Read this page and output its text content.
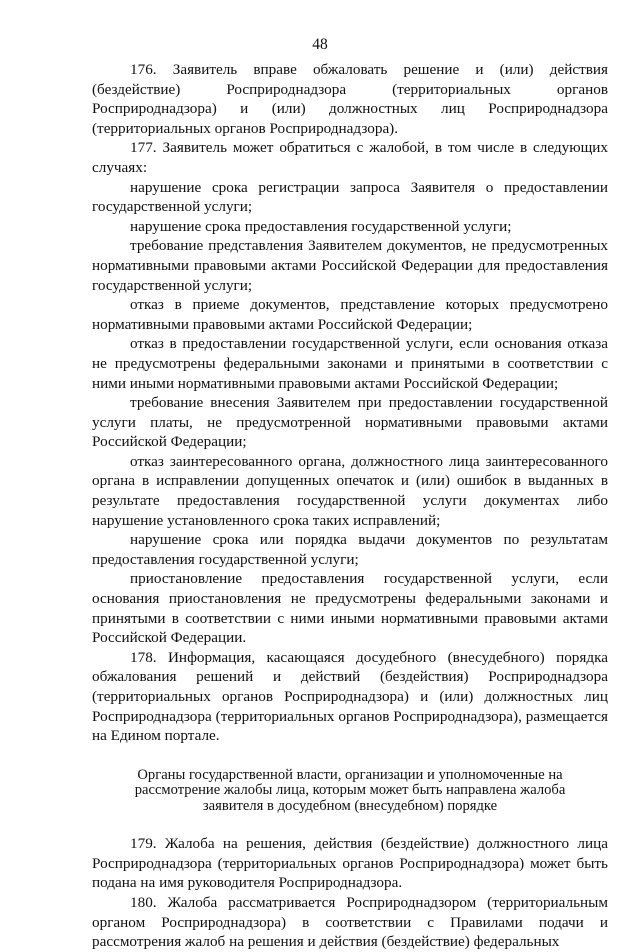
48

176. Заявитель вправе обжаловать решение и (или) действия (бездействие) Росприроднадзора (территориальных органов Росприроднадзора) и (или) должностных лиц Росприроднадзора (территориальных органов Росприроднадзора).

177. Заявитель может обратиться с жалобой, в том числе в следующих случаях:

нарушение срока регистрации запроса Заявителя о предоставлении государственной услуги;

нарушение срока предоставления государственной услуги;

требование представления Заявителем документов, не предусмотренных нормативными правовыми актами Российской Федерации для предоставления государственной услуги;

отказ в приеме документов, представление которых предусмотрено нормативными правовыми актами Российской Федерации;

отказ в предоставлении государственной услуги, если основания отказа не предусмотрены федеральными законами и принятыми в соответствии с ними иными нормативными правовыми актами Российской Федерации;

требование внесения Заявителем при предоставлении государственной услуги платы, не предусмотренной нормативными правовыми актами Российской Федерации;

отказ заинтересованного органа, должностного лица заинтересованного органа в исправлении допущенных опечаток и (или) ошибок в выданных в результате предоставления государственной услуги документах либо нарушение установленного срока таких исправлений;

нарушение срока или порядка выдачи документов по результатам предоставления государственной услуги;

приостановление предоставления государственной услуги, если основания приостановления не предусмотрены федеральными законами и принятыми в соответствии с ними иными нормативными правовыми актами Российской Федерации.

178. Информация, касающаяся досудебного (внесудебного) порядка обжалования решений и действий (бездействия) Росприроднадзора (территориальных органов Росприроднадзора) и (или) должностных лиц Росприроднадзора (территориальных органов Росприроднадзора), размещается на Едином портале.

Органы государственной власти, организации и уполномоченные на рассмотрение жалобы лица, которым может быть направлена жалоба заявителя в досудебном (внесудебном) порядке

179. Жалоба на решения, действия (бездействие) должностного лица Росприроднадзора (территориальных органов Росприроднадзора) может быть подана на имя руководителя Росприроднадзора.

180. Жалоба рассматривается Росприроднадзором (территориальным органом Росприроднадзора) в соответствии с Правилами подачи и рассмотрения жалоб на решения и действия (бездействие) федеральных
